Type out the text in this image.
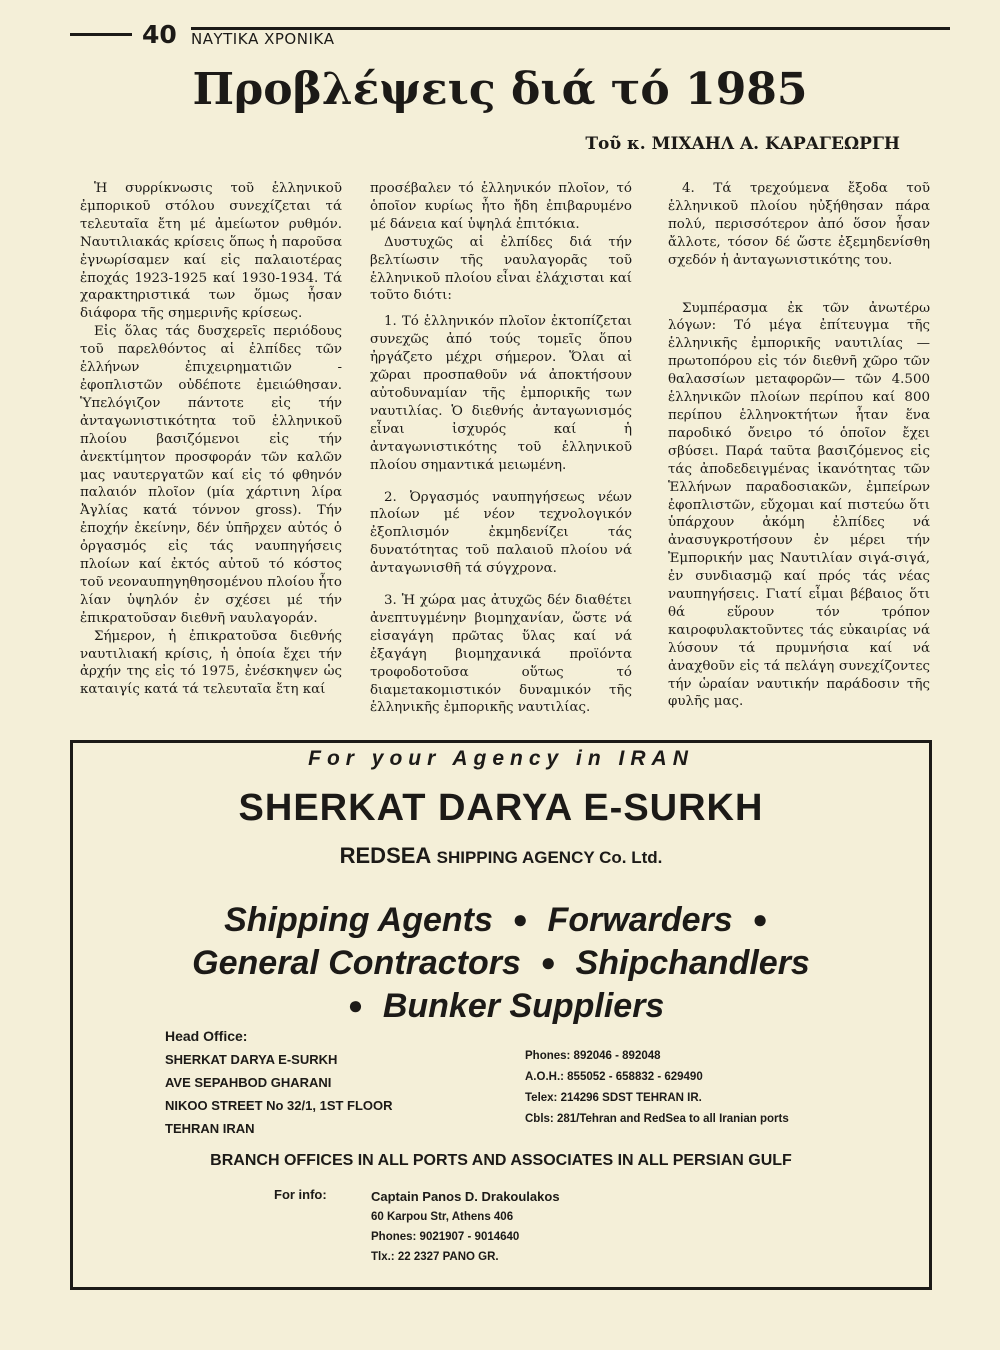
40 ΝΑΥΤΙΚΑ ΧΡΟΝΙΚΑ
Προβλέψεις διά τό 1985
Τοῦ κ. ΜΙΧΑΗΛ Α. ΚΑΡΑΓΕΩΡΓΗ

Ἡ συρρίκνωσις τοῦ ἑλληνικοῦ ἐμπορικοῦ στόλου συνεχίζεται τά τελευταῖα ἔτη μέ ἀμείωτον ρυθμόν. Ναυτιλιακάς κρίσεις ὅπως ἡ παροῦσα ἐγνωρίσαμεν καί εἰς παλαιοτέρας ἐποχάς 1923-1925 καί 1930-1934. Τά χαρακτηριστικά των ὅμως ἦσαν διάφορα τῆς σημερινῆς κρίσεως.

Εἰς ὅλας τάς δυσχερεῖς περιόδους τοῦ παρελθόντος αἱ ἐλπίδες τῶν ἑλλήνων ἐπιχειρηματιῶν - ἐφοπλιστῶν οὐδέποτε ἐμειώθησαν. Ὑπελόγιζον πάντοτε εἰς τήν ἀνταγωνιστικότητα τοῦ ἑλληνικοῦ πλοίου βασιζόμενοι εἰς τήν ἀνεκτίμητον προσφοράν τῶν καλῶν μας ναυτεργατῶν καί εἰς τό φθηνόν παλαιόν πλοῖον (μία χάρτινη λίρα Ἀγλίας κατά τόννον gross). Τήν ἐποχήν ἐκείνην, δέν ὑπῆρχεν αὐτός ὁ ὀργασμός εἰς τάς ναυπηγήσεις πλοίων καί ἐκτός αὐτοῦ τό κόστος τοῦ νεοναυπηγηθησομένου πλοίου ἦτο λίαν ὑψηλόν ἐν σχέσει μέ τήν ἐπικρατοῦσαν διεθνῆ ναυλαγοράν.

Σήμερον, ἡ ἐπικρατοῦσα διεθνής ναυτιλιακή κρίσις, ἡ ὁποία ἔχει τήν ἀρχήν της εἰς τό 1975, ἐνέσκηψεν ὡς καταιγίς κατά τά τελευταῖα ἔτη καί

προσέβαλεν τό ἑλληνικόν πλοῖον, τό ὁποῖον κυρίως ἦτο ἤδη ἐπιβαρυμένο μέ δάνεια καί ὑψηλά ἐπιτόκια.

Δυστυχῶς αἱ ἐλπίδες διά τήν βελτίωσιν τῆς ναυλαγορᾶς τοῦ ἑλληνικοῦ πλοίου εἶναι ἐλάχισται καί τοῦτο διότι:

1. Τό ἑλληνικόν πλοῖον ἐκτοπίζεται συνεχῶς ἀπό τούς τομεῖς ὅπου ἠργάζετο μέχρι σήμερον. Ὅλαι αἱ χῶραι προσπαθοῦν νά ἀποκτήσουν αὐτοδυναμίαν τῆς ἐμπορικῆς των ναυτιλίας. Ὁ διεθνής ἀνταγωνισμός εἶναι ἰσχυρός καί ἡ ἀνταγωνιστικότης τοῦ ἑλληνικοῦ πλοίου σημαντικά μειωμένη.

2. Ὀργασμός ναυπηγήσεως νέων πλοίων μέ νέον τεχνολογικόν ἐξοπλισμόν ἐκμηδενίζει τάς δυνατότητας τοῦ παλαιοῦ πλοίου νά ἀνταγωνισθῆ τά σύγχρονα.

3. Ἡ χώρα μας ἀτυχῶς δέν διαθέτει ἀνεπτυγμένην βιομηχανίαν, ὥστε νά εἰσαγάγη πρῶτας ὕλας καί νά ἐξαγάγη βιομηχανικά προϊόντα τροφοδοτοῦσα οὕτως τό διαμετακομιστικόν δυναμικόν τῆς ἑλληνικῆς ἐμπορικῆς ναυτιλίας.

4. Τά τρεχούμενα ἔξοδα τοῦ ἑλληνικοῦ πλοίου ηὐξήθησαν πάρα πολύ, περισσότερον ἀπό ὅσον ἦσαν ἄλλοτε, τόσον δέ ὥστε ἐξεμηδενίσθη σχεδόν ἡ ἀνταγωνιστικότης του.

Συμπέρασμα ἐκ τῶν ἀνωτέρω λόγων: Τό μέγα ἐπίτευγμα τῆς ἑλληνικῆς ἐμπορικῆς ναυτιλίας — πρωτοπόρου εἰς τόν διεθνῆ χῶρο τῶν θαλασσίων μεταφορῶν— τῶν 4.500 ἑλληνικῶν πλοίων περίπου καί 800 περίπου ἑλληνοκτήτων ἦταν ἕνα παροδικό ὄνειρο τό ὁποῖον ἔχει σβύσει. Παρά ταῦτα βασιζόμενος εἰς τάς ἀποδεδειγμένας ἱκανότητας τῶν Ἑλλήνων παραδοσιακῶν, ἐμπείρων ἐφοπλιστῶν, εὔχομαι καί πιστεύω ὅτι ὑπάρχουν ἀκόμη ἐλπίδες νά ἀνασυγκροτήσουν ἐν μέρει τήν Ἐμπορικήν μας Ναυτιλίαν σιγά-σιγά, ἐν συνδιασμῷ καί πρός τάς νέας ναυπηγήσεις. Γιατί εἶμαι βέβαιος ὅτι θά εὕρουν τόν τρόπον καιροφυλακτοῦντες τάς εὐκαιρίας νά λύσουν τά πρυμνήσια καί νά ἀναχθοῦν εἰς τά πελάγη συνεχίζοντες τήν ὡραίαν ναυτικήν παράδοσιν τῆς φυλῆς μας.

For your Agency in IRAN
SHERKAT DARYA E-SURKH
REDSEA SHIPPING AGENCY Co. Ltd.
Shipping Agents ● Forwarders ●
General Contractors ● Shipchandlers
● Bunker Suppliers
Head Office:
SHERKAT DARYA E-SURKH
AVE SEPAHBOD GHARANI
NIKOO STREET No 32/1, 1ST FLOOR
TEHRAN IRAN
Phones: 892046 - 892048
A.O.H.: 855052 - 658832 - 629490
Telex: 214296 SDST TEHRAN IR.
Cbls: 281/Tehran and RedSea to all Iranian ports
BRANCH OFFICES IN ALL PORTS AND ASSOCIATES IN ALL PERSIAN GULF
For info:	Captain Panos D. Drakoulakos
60 Karpou Str, Athens 406
Phones: 9021907 - 9014640
Tlx.: 22 2327 PANO GR.
